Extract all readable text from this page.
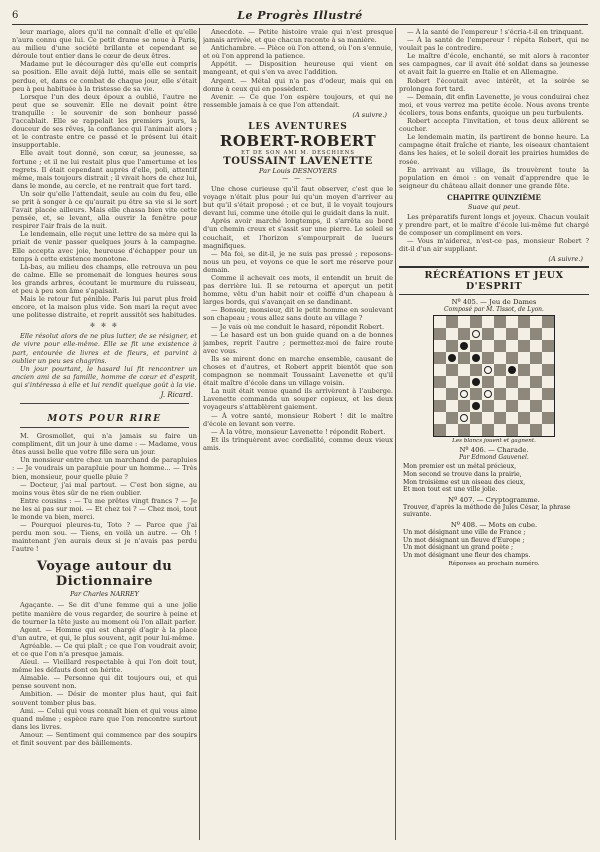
6	Le Progrès Illustré

leur mariage, alors qu'il ne connaît d'elle et qu'elle n'aura connu que lui. Ce petit drame se noue à Paris, au milieu d'une société brillante et cependant se déroule tout entier dans le cœur de deux êtres.

Madame put le décourager dès qu'elle eut compris sa position. Elle avait déjà lutté, mais elle se sentait perdue, et, dans ce combat de chaque jour, elle s'était peu à peu habituée à la tristesse de sa vie.

Lorsque l'un des deux époux a oublié, l'autre ne peut que se souvenir. Elle ne devait point être tranquille : le souvenir de son bonheur passé l'accablait. Elle se rappelait les premiers jours, la douceur de ses rêves, la confiance qui l'animait alors ; et le contraste entre ce passé et le présent lui était insupportable.

Elle avait tout donné, son cœur, sa jeunesse, sa fortune ; et il ne lui restait plus que l'amertume et les regrets. Il était cependant auprès d'elle, poli, attentif même, mais toujours distrait ; il vivait hors de chez lui, dans le monde, au cercle, et ne rentrait que fort tard.

Un soir qu'elle l'attendait, seule au coin du feu, elle se prit à songer à ce qu'aurait pu être sa vie si le sort l'avait placée ailleurs. Mais elle chassa bien vite cette pensée, et, se levant, alla ouvrir la fenêtre pour respirer l'air frais de la nuit.

Le lendemain, elle reçut une lettre de sa mère qui la priait de venir passer quelques jours à la campagne. Elle accepta avec joie, heureuse d'échapper pour un temps à cette existence monotone.

Là-bas, au milieu des champs, elle retrouva un peu de calme. Elle se promenait de longues heures sous les grands arbres, écoutant le murmure du ruisseau, et peu à peu son âme s'apaisait.

Mais le retour fut pénible. Paris lui parut plus froid encore, et la maison plus vide. Son mari la reçut avec une politesse distraite, et reprit aussitôt ses habitudes.

✻ ✻ ✻

Elle résolut alors de ne plus lutter, de se résigner, et de vivre pour elle-même. Elle se fit une existence à part, entourée de livres et de fleurs, et parvint à oublier un peu ses chagrins.

Un jour pourtant, le hasard lui fit rencontrer un ancien ami de sa famille, homme de cœur et d'esprit, qui s'intéressa à elle et lui rendit quelque goût à la vie.

J. Ricard.
MOTS POUR RIRE

M. Grosmollet, qui n'a jamais su faire un compliment, dit un jour à une dame : — Madame, vous êtes aussi belle que votre fille sera un jour.

Un monsieur entre chez un marchand de parapluies : — Je voudrais un parapluie pour un homme... — Très bien, monsieur, pour quelle pluie ?

— Docteur, j'ai mal partout. — C'est bon signe, au moins vous êtes sûr de ne rien oublier.

Entre cousins : — Tu me prêtes vingt francs ? — Je ne les ai pas sur moi. — Et chez toi ? — Chez moi, tout le monde va bien, merci.

— Pourquoi pleures-tu, Toto ? — Parce que j'ai perdu mon sou. — Tiens, en voilà un autre. — Oh ! maintenant j'en aurais deux si je n'avais pas perdu l'autre !

Voyage autour du Dictionnaire
Par Charles NARREY

Agaçante. — Se dit d'une femme qui a une jolie petite manière de vous regarder, de sourire à peine et de tourner la tête juste au moment où l'on allait parler.

Agent. — Homme qui est chargé d'agir à la place d'un autre, et qui, le plus souvent, agit pour lui-même.

Agréable. — Ce qui plaît ; ce que l'on voudrait avoir, et ce que l'on n'a presque jamais.

Aïeul. — Vieillard respectable à qui l'on doit tout, même les défauts dont on hérite.

Aimable. — Personne qui dit toujours oui, et qui pense souvent non.

Ambition. — Désir de monter plus haut, qui fait souvent tomber plus bas.

Ami. — Celui qui vous connaît bien et qui vous aime quand même ; espèce rare que l'on rencontre surtout dans les livres.

Amour. — Sentiment qui commence par des soupirs et finit souvent par des bâillements.

Anecdote. — Petite histoire vraie qui n'est presque jamais arrivée, et que chacun raconte à sa manière.

Antichambre. — Pièce où l'on attend, où l'on s'ennuie, et où l'on apprend la patience.

Appétit. — Disposition heureuse qui vient en mangeant, et qui s'en va avec l'addition.

Argent. — Métal qui n'a pas d'odeur, mais qui en donne à ceux qui en possèdent.

Avenir. — Ce que l'on espère toujours, et qui ne ressemble jamais à ce que l'on attendait.

(A suivre.)
LES AVENTURES
ROBERT-ROBERT
ET DE SON AMI M. DESCHIENS
TOUSSAINT LAVENETTE
Par Louis DESNOYERS
— — —

Une chose curieuse qu'il faut observer, c'est que le voyage n'était plus pour lui qu'un moyen d'arriver au but qu'il s'était proposé ; et ce but, il le voyait toujours devant lui, comme une étoile qui le guidait dans la nuit.

Après avoir marché longtemps, il s'arrêta au bord d'un chemin creux et s'assit sur une pierre. Le soleil se couchait, et l'horizon s'empourprait de lueurs magnifiques.

— Ma foi, se dit-il, je ne suis pas pressé ; reposons-nous un peu, et voyons ce que le sort me réserve pour demain.

Comme il achevait ces mots, il entendit un bruit de pas derrière lui. Il se retourna et aperçut un petit homme, vêtu d'un habit noir et coiffé d'un chapeau à larges bords, qui s'avançait en se dandinant.

— Bonsoir, monsieur, dit le petit homme en soulevant son chapeau ; vous allez sans doute au village ?

— Je vais où me conduit le hasard, répondit Robert.

— Le hasard est un bon guide quand on a de bonnes jambes, reprit l'autre ; permettez-moi de faire route avec vous.

Ils se mirent donc en marche ensemble, causant de choses et d'autres, et Robert apprit bientôt que son compagnon se nommait Toussaint Lavenette et qu'il était maître d'école dans un village voisin.

La nuit était venue quand ils arrivèrent à l'auberge. Lavenette commanda un souper copieux, et les deux voyageurs s'attablèrent gaiement.

— À votre santé, monsieur Robert ! dit le maître d'école en levant son verre.

— À la vôtre, monsieur Lavenette ! répondit Robert.

Et ils trinquèrent avec cordialité, comme deux vieux amis.

— À la santé de l'empereur ! s'écria-t-il en trinquant.

— À la santé de l'empereur ! répéta Robert, qui ne voulait pas le contredire.

Le maître d'école, enchanté, se mit alors à raconter ses campagnes, car il avait été soldat dans sa jeunesse et avait fait la guerre en Italie et en Allemagne.

Robert l'écoutait avec intérêt, et la soirée se prolongea fort tard.

— Demain, dit enfin Lavenette, je vous conduirai chez moi, et vous verrez ma petite école. Nous avons trente écoliers, tous bons enfants, quoique un peu turbulents.

Robert accepta l'invitation, et tous deux allèrent se coucher.

Le lendemain matin, ils partirent de bonne heure. La campagne était fraîche et riante, les oiseaux chantaient dans les haies, et le soleil dorait les prairies humides de rosée.

En arrivant au village, ils trouvèrent toute la population en émoi : on venait d'apprendre que le seigneur du château allait donner une grande fête.

CHAPITRE QUINZIÈME
Suave qui peut.

Les préparatifs furent longs et joyeux. Chacun voulait y prendre part, et le maître d'école lui-même fut chargé de composer un compliment en vers.

— Vous m'aiderez, n'est-ce pas, monsieur Robert ? dit-il d'un air suppliant.

(A suivre.)
RÉCRÉATIONS ET JEUX D'ESPRIT
Nº 405. — Jeu de Dames
Composé par M. Tissot, de Lyon.
Les blancs jouent et gagnent.
Nº 406. — Charade.
Par Edmond Gauvenel.
Mon premier est un métal précieux,
Mon second se trouve dans la prairie,
Mon troisième est un oiseau des cieux,
Et mon tout est une ville jolie.
Nº 407. — Cryptogramme.
Trouver, d'après la méthode de Jules César, la phrase suivante.
Nº 408. — Mots en cube.
Un mot désignant une ville de France ;
Un mot désignant un fleuve d'Europe ;
Un mot désignant un grand poète ;
Un mot désignant une fleur des champs.
Réponses au prochain numéro.
